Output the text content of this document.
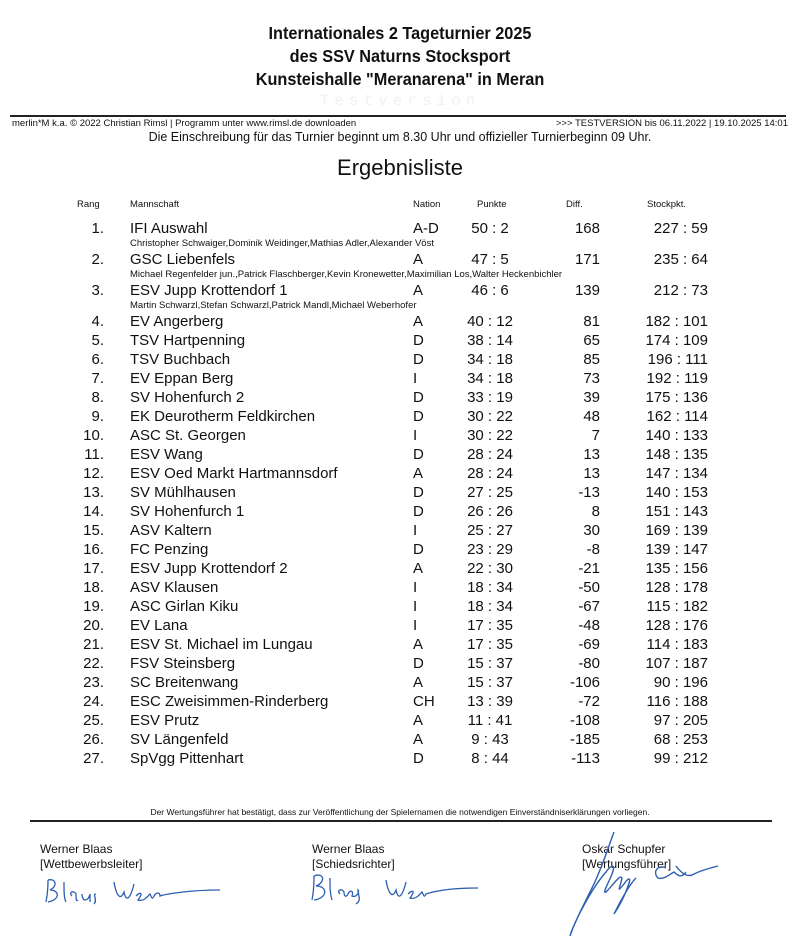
Internationales 2 Tageturnier 2025
des SSV Naturns Stocksport
Kunsteishalle "Meranarena" in Meran
Testversion
merlin*M k.a. © 2022 Christian Rimsl | Programm unter www.rimsl.de downloaden	>>> TESTVERSION bis 06.11.2022 | 19.10.2025 14:01
Die Einschreibung für das Turnier beginnt um 8.30 Uhr und offizieller Turnierbeginn 09 Uhr.
Ergebnisliste
Rang	Mannschaft	Nation	Punkte	Diff.	Stockpkt.
1. IFI Auswahl	A-D	50 : 2	168	227 : 59
Christopher Schwaiger,Dominik Weidinger,Mathias Adler,Alexander Vöst
2. GSC Liebenfels	A	47 : 5	171	235 : 64
Michael Regenfelder jun.,Patrick Flaschberger,Kevin Kronewetter,Maximilian Los,Walter Heckenbichler
3. ESV Jupp Krottendorf 1	A	46 : 6	139	212 : 73
Martin Schwarzl,Stefan Schwarzl,Patrick Mandl,Michael Weberhofer
4. EV Angerberg	A	40 : 12	81	182 : 101
5. TSV Hartpenning	D	38 : 14	65	174 : 109
6. TSV Buchbach	D	34 : 18	85	196 : 111
7. EV Eppan Berg	I	34 : 18	73	192 : 119
8. SV Hohenfurch 2	D	33 : 19	39	175 : 136
9. EK Deurotherm Feldkirchen	D	30 : 22	48	162 : 114
10. ASC St. Georgen	I	30 : 22	7	140 : 133
11. ESV Wang	D	28 : 24	13	148 : 135
12. ESV Oed Markt Hartmannsdorf	A	28 : 24	13	147 : 134
13. SV Mühlhausen	D	27 : 25	-13	140 : 153
14. SV Hohenfurch 1	D	26 : 26	8	151 : 143
15. ASV Kaltern	I	25 : 27	30	169 : 139
16. FC Penzing	D	23 : 29	-8	139 : 147
17. ESV Jupp Krottendorf 2	A	22 : 30	-21	135 : 156
18. ASV Klausen	I	18 : 34	-50	128 : 178
19. ASC Girlan Kiku	I	18 : 34	-67	115 : 182
20. EV Lana	I	17 : 35	-48	128 : 176
21. ESV St. Michael im Lungau	A	17 : 35	-69	114 : 183
22. FSV Steinsberg	D	15 : 37	-80	107 : 187
23. SC Breitenwang	A	15 : 37	-106	90 : 196
24. ESC Zweisimmen-Rinderberg	CH	13 : 39	-72	116 : 188
25. ESV Prutz	A	11 : 41	-108	97 : 205
26. SV Längenfeld	A	9 : 43	-185	68 : 253
27. SpVgg Pittenhart	D	8 : 44	-113	99 : 212
Der Wertungsführer hat bestätigt, dass zur Veröffentlichung der Spielernamen die notwendigen Einverständniserklärungen vorliegen.
Werner Blaas
[Wettbewerbsleiter]
Werner Blaas
[Schiedsrichter]
Oskar Schupfer
[Wertungsführer]
